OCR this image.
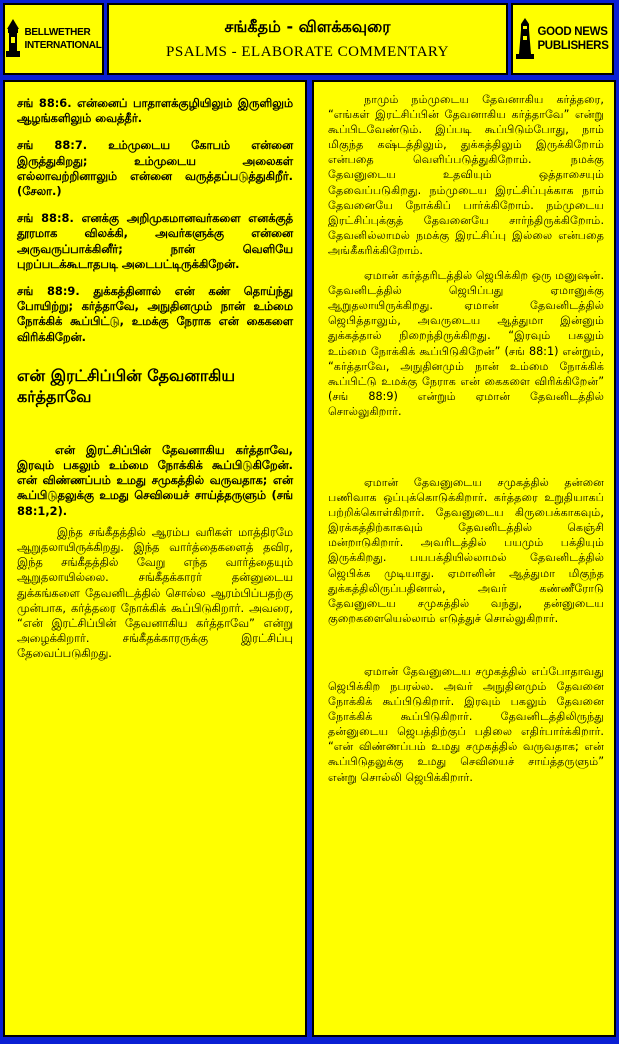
BELLWETHER
INTERNATIONAL
சங்கீதம் - விளக்கவுரை
PSALMS - ELABORATE COMMENTARY
GOOD NEWS
PUBLISHERS

சங் 88:6. என்னைப் பாதாளக்குழியிலும் இருளிலும் ஆழங்களிலும் வைத்தீர்.

சங் 88:7. உம்முடைய கோபம் என்னை இருத்துகிறது; உம்முடைய அலைகள் எல்லாவற்றினாலும் என்னை வருத்தப்படுத்துகிறீர். (சேலா.)

சங் 88:8. எனக்கு அறிமுகமானவர்களை எனக்குத் தூரமாக விலக்கி, அவர்களுக்கு என்னை அருவருப்பாக்கினீர்; நான் வெளியே புறப்படக்கூடாதபடி அடைபட்டிருக்கிறேன்.

சங் 88:9. துக்கத்தினால் என் கண் தொய்ந்து போயிற்று; கர்த்தாவே, அநுதினமும் நான் உம்மை நோக்கிக் கூப்பிட்டு, உமக்கு நேராக என் கைகளை விரிக்கிறேன்.

என் இரட்சிப்பின் தேவனாகிய கர்த்தாவே

என் இரட்சிப்பின் தேவனாகிய கர்த்தாவே, இரவும் பகலும் உம்மை நோக்கிக் கூப்பிடுகிறேன். என் விண்ணப்பம் உமது சமுகத்தில் வருவதாக; என் கூப்பிடுதலுக்கு உமது செவியைச் சாய்த்தருளும் (சங் 88:1,2).

இந்த சங்கீதத்தில் ஆரம்ப வரிகள் மாத்திரமே ஆறுதலாயிருக்கிறது. இந்த வார்த்தைகளைத் தவிர, இந்த சங்கீதத்தில் வேறு எந்த வார்த்தையும் ஆறுதலாயில்லை. சங்கீதக்காரர் தன்னுடைய துக்கங்களை தேவனிடத்தில் சொல்ல ஆரம்பிப்பதற்கு முன்பாக, கர்த்தரை நோக்கிக் கூப்பிடுகிறார். அவரை, “என் இரட்சிப்பின் தேவனாகிய கர்த்தாவே” என்று அழைக்கிறார். சங்கீதக்காரருக்கு இரட்சிப்பு தேவைப்படுகிறது.

நாமும் நம்முடைய தேவனாகிய கர்த்தரை, “எங்கள் இரட்சிப்பின் தேவனாகிய கர்த்தாவே” என்று கூப்பிடவேண்டும். இப்படி கூப்பிடும்போது, நாம் மிகுந்த கஷ்டத்திலும், துக்கத்திலும் இருக்கிறோம் என்பதை வெளிப்படுத்துகிறோம். நமக்கு தேவனுடைய உதவியும் ஒத்தாசையும் தேவைப்படுகிறது. நம்முடைய இரட்சிப்புக்காக நாம் தேவனையே நோக்கிப் பார்க்கிறோம். நம்முடைய இரட்சிப்புக்குத் தேவனையே சார்ந்திருக்கிறோம். தேவனில்லாமல் நமக்கு இரட்சிப்பு இல்லை என்பதை அங்கீகரிக்கிறோம்.

ஏமான் கர்த்தரிடத்தில் ஜெபிக்கிற ஒரு மனுஷன். தேவனிடத்தில் ஜெபிப்பது ஏமானுக்கு ஆறுதலாயிருக்கிறது. ஏமான் தேவனிடத்தில் ஜெபித்தாலும், அவருடைய ஆத்துமா இன்னும் துக்கத்தால் நிறைந்திருக்கிறது. “இரவும் பகலும் உம்மை நோக்கிக் கூப்பிடுகிறேன்” (சங் 88:1) என்றும், “கர்த்தாவே, அநுதினமும் நான் உம்மை நோக்கிக் கூப்பிட்டு உமக்கு நேராக என் கைகளை விரிக்கிறேன்” (சங் 88:9) என்றும் ஏமான் தேவனிடத்தில் சொல்லுகிறார்.

ஏமான் தேவனுடைய சமுகத்தில் தன்னை பணிவாக ஒப்புக்கொடுக்கிறார். கர்த்தரை உறுதியாகப் பற்றிக்கொள்கிறார். தேவனுடைய கிருபைக்காகவும், இரக்கத்திற்காகவும் தேவனிடத்தில் கெஞ்சி மன்றாடுகிறார். அவரிடத்தில் பயமும் பக்தியும் இருக்கிறது. பயபக்தியில்லாமல் தேவனிடத்தில் ஜெபிக்க முடியாது. ஏமானின் ஆத்துமா மிகுந்த துக்கத்திலிருப்பதினால், அவர் கண்ணீரோடு தேவனுடைய சமுகத்தில் வந்து, தன்னுடைய குறைகளையெல்லாம் எடுத்துச் சொல்லுகிறார்.

ஏமான் தேவனுடைய சமுகத்தில் எப்போதாவது ஜெபிக்கிற நபரல்ல. அவர் அநுதினமும் தேவனை நோக்கிக் கூப்பிடுகிறார். இரவும் பகலும் தேவனை நோக்கிக் கூப்பிடுகிறார். தேவனிடத்திலிருந்து தன்னுடைய ஜெபத்திற்குப் பதிலை எதிர்பார்க்கிறார். “என் விண்ணப்பம் உமது சமுகத்தில் வருவதாக; என் கூப்பிடுதலுக்கு உமது செவியைச் சாய்த்தருளும்” என்று சொல்லி ஜெபிக்கிறார்.
